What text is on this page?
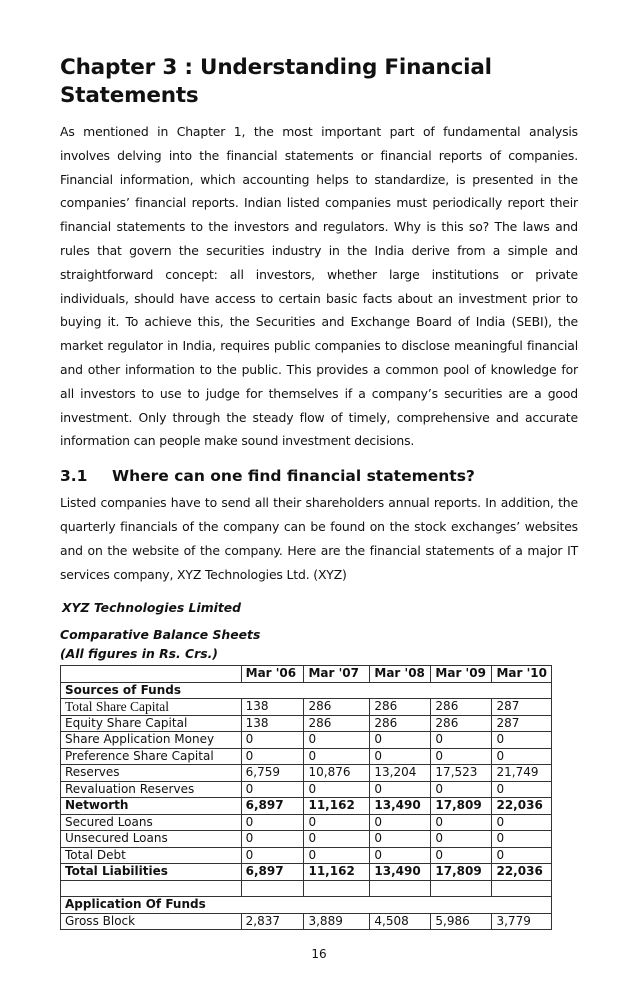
Chapter 3 : Understanding Financial Statements

As mentioned in Chapter 1, the most important part of fundamental analysis involves delving into the financial statements or financial reports of companies. Financial information, which accounting helps to standardize, is presented in the companies’ financial reports. Indian listed companies must periodically report their financial statements to the investors and regulators. Why is this so? The laws and rules that govern the securities industry in the India derive from a simple and straightforward concept: all investors, whether large institutions or private individuals, should have access to certain basic facts about an investment prior to buying it. To achieve this, the Securities and Exchange Board of India (SEBI), the market regulator in India, requires public companies to disclose meaningful financial and other information to the public. This provides a common pool of knowledge for all investors to use to judge for themselves if a company’s securities are a good investment. Only through the steady flow of timely, comprehensive and accurate information can people make sound investment decisions.

3.1 Where can one find financial statements?

Listed companies have to send all their shareholders annual reports. In addition, the quarterly financials of the company can be found on the stock exchanges’ websites and on the website of the company. Here are the financial statements of a major IT services company, XYZ Technologies Ltd. (XYZ)

XYZ Technologies Limited

Comparative Balance Sheets

(All figures in Rs. Crs.)

	Mar '06	Mar '07	Mar '08	Mar '09	Mar '10
Sources of Funds					
Total Share Capital	138	286	286	286	287
Equity Share Capital	138	286	286	286	287
Share Application Money	0	0	0	0	0
Preference Share Capital	0	0	0	0	0
Reserves	6,759	10,876	13,204	17,523	21,749
Revaluation Reserves	0	0	0	0	0
Networth	6,897	11,162	13,490	17,809	22,036
Secured Loans	0	0	0	0	0
Unsecured Loans	0	0	0	0	0
Total Debt	0	0	0	0	0
Total Liabilities	6,897	11,162	13,490	17,809	22,036

Application Of Funds					
Gross Block	2,837	3,889	4,508	5,986	3,779
16
